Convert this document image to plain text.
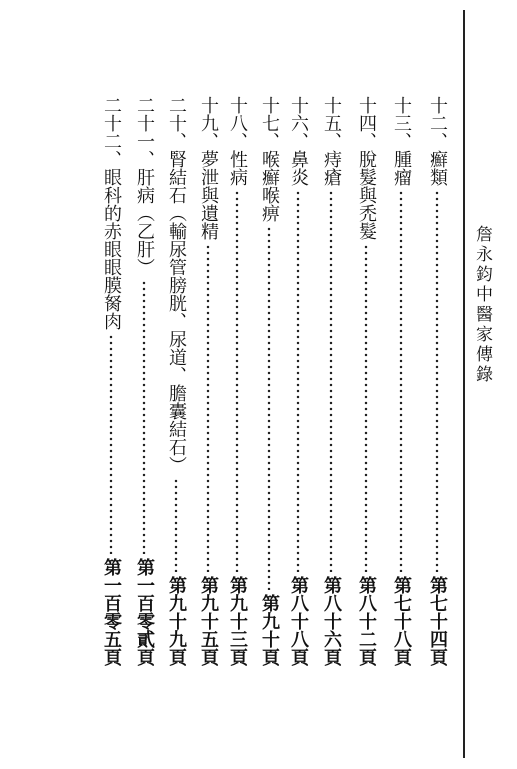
詹永鈞中醫家傳錄
十二、
癬類
第七十四頁
十三、
腫瘤
第七十八頁
十四、
脫髮與禿髮
第八十二頁
十五、
痔瘡
第八十六頁
十六、
鼻炎
第八十八頁
十七、
喉癬喉痹
第九十頁
十八、
性病
第九十三頁
十九、
夢泄與遺精
第九十五頁
二十、
腎結石（輸尿管膀胱、尿道、膽囊結石）
第九十九頁
二十一、
肝病（乙肝）
第一百零貳頁
二十二、
眼科的赤眼眼膜胬肉
第一百零五頁
